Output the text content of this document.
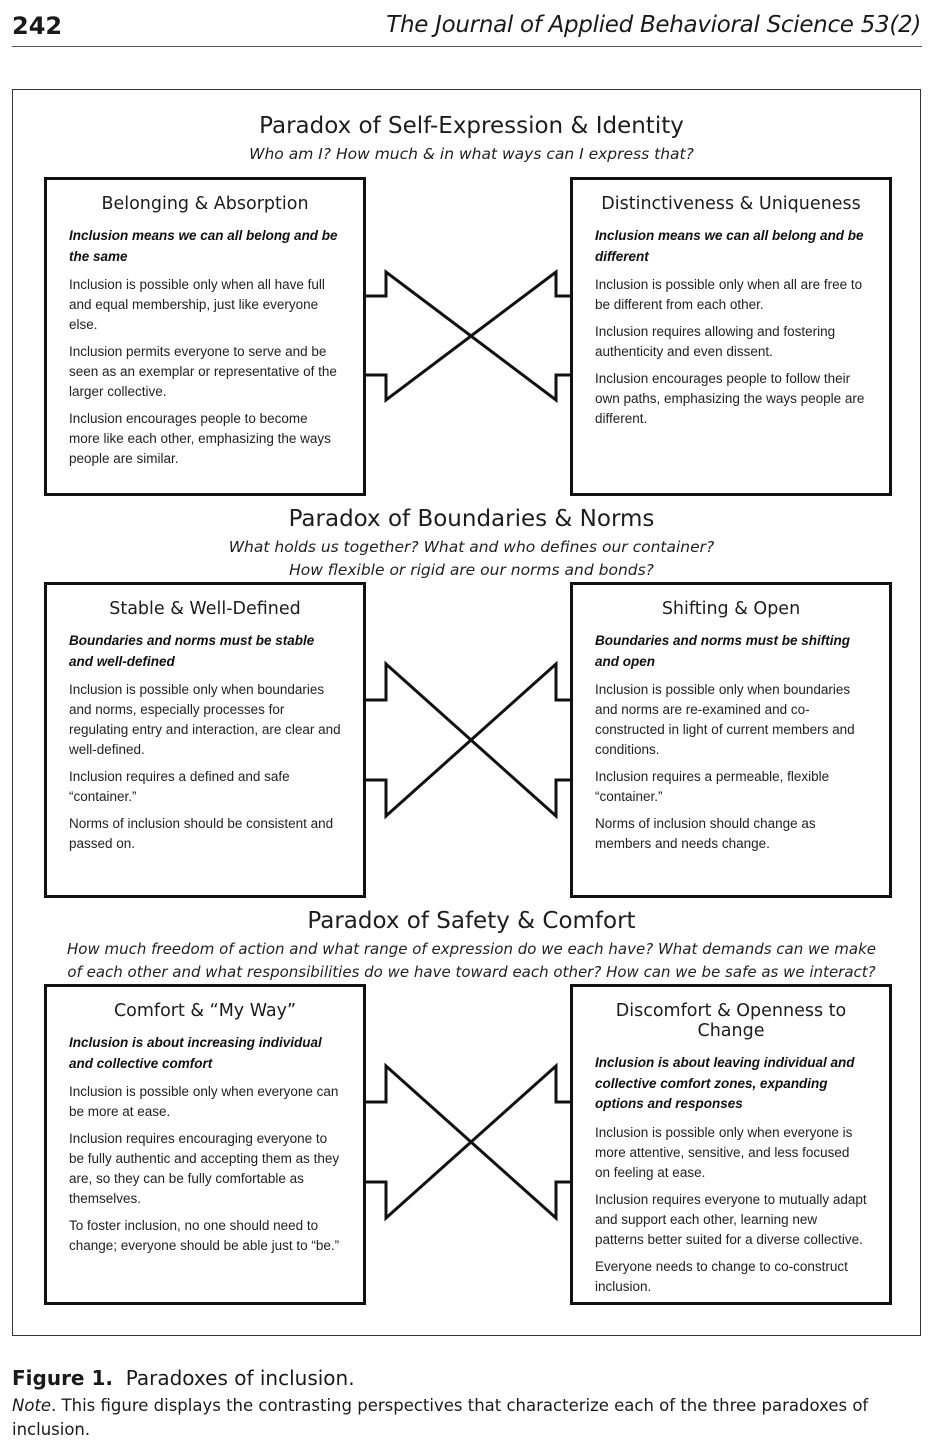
242	The Journal of Applied Behavioral Science 53(2)
Paradox of Self-Expression & Identity
Who am I? How much & in what ways can I express that?
Belonging & Absorption
Inclusion means we can all belong and be the same
Inclusion is possible only when all have full and equal membership, just like everyone else.
Inclusion permits everyone to serve and be seen as an exemplar or representative of the larger collective.
Inclusion encourages people to become more like each other, emphasizing the ways people are similar.
Distinctiveness & Uniqueness
Inclusion means we can all belong and be different
Inclusion is possible only when all are free to be different from each other.
Inclusion requires allowing and fostering authenticity and even dissent.
Inclusion encourages people to follow their own paths, emphasizing the ways people are different.
Paradox of Boundaries & Norms
What holds us together? What and who defines our container?
How flexible or rigid are our norms and bonds?
Stable & Well-Defined
Boundaries and norms must be stable and well-defined
Inclusion is possible only when boundaries and norms, especially processes for regulating entry and interaction, are clear and well-defined.
Inclusion requires a defined and safe “container.”
Norms of inclusion should be consistent and passed on.
Shifting & Open
Boundaries and norms must be shifting and open
Inclusion is possible only when boundaries and norms are re-examined and co-constructed in light of current members and conditions.
Inclusion requires a permeable, flexible “container.”
Norms of inclusion should change as members and needs change.
Paradox of Safety & Comfort
How much freedom of action and what range of expression do we each have? What demands can we make
of each other and what responsibilities do we have toward each other? How can we be safe as we interact?
Comfort & “My Way”
Inclusion is about increasing individual and collective comfort
Inclusion is possible only when everyone can be more at ease.
Inclusion requires encouraging everyone to be fully authentic and accepting them as they are, so they can be fully comfortable as themselves.
To foster inclusion, no one should need to change; everyone should be able just to “be.”
Discomfort & Openness to Change
Inclusion is about leaving individual and collective comfort zones, expanding options and responses
Inclusion is possible only when everyone is more attentive, sensitive, and less focused on feeling at ease.
Inclusion requires everyone to mutually adapt and support each other, learning new patterns better suited for a diverse collective.
Everyone needs to change to co-construct inclusion.
Figure 1. Paradoxes of inclusion.
Note. This figure displays the contrasting perspectives that characterize each of the three paradoxes of inclusion.
